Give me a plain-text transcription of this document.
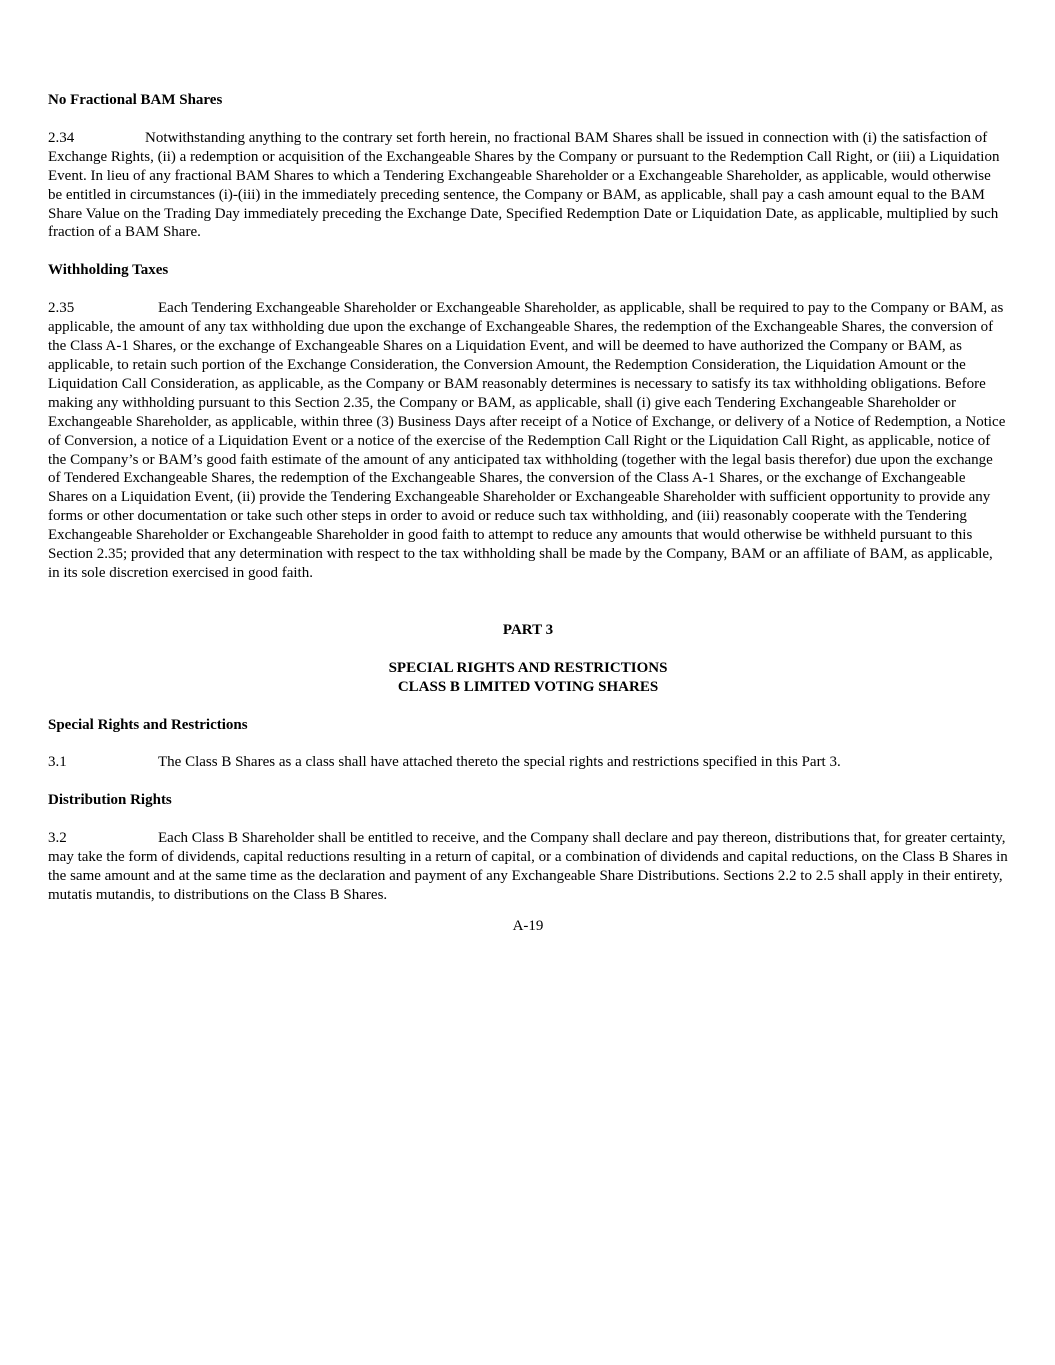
No Fractional BAM Shares

2.34	Notwithstanding anything to the contrary set forth herein, no fractional BAM Shares shall be issued in connection with (i) the satisfaction of Exchange Rights, (ii) a redemption or acquisition of the Exchangeable Shares by the Company or pursuant to the Redemption Call Right, or (iii) a Liquidation Event. In lieu of any fractional BAM Shares to which a Tendering Exchangeable Shareholder or a Exchangeable Shareholder, as applicable, would otherwise be entitled in circumstances (i)-(iii) in the immediately preceding sentence, the Company or BAM, as applicable, shall pay a cash amount equal to the BAM Share Value on the Trading Day immediately preceding the Exchange Date, Specified Redemption Date or Liquidation Date, as applicable, multiplied by such fraction of a BAM Share.

Withholding Taxes

2.35	Each Tendering Exchangeable Shareholder or Exchangeable Shareholder, as applicable, shall be required to pay to the Company or BAM, as applicable, the amount of any tax withholding due upon the exchange of Exchangeable Shares, the redemption of the Exchangeable Shares, the conversion of the Class A-1 Shares, or the exchange of Exchangeable Shares on a Liquidation Event, and will be deemed to have authorized the Company or BAM, as applicable, to retain such portion of the Exchange Consideration, the Conversion Amount, the Redemption Consideration, the Liquidation Amount or the Liquidation Call Consideration, as applicable, as the Company or BAM reasonably determines is necessary to satisfy its tax withholding obligations. Before making any withholding pursuant to this Section 2.35, the Company or BAM, as applicable, shall (i) give each Tendering Exchangeable Shareholder or Exchangeable Shareholder, as applicable, within three (3) Business Days after receipt of a Notice of Exchange, or delivery of a Notice of Redemption, a Notice of Conversion, a notice of a Liquidation Event or a notice of the exercise of the Redemption Call Right or the Liquidation Call Right, as applicable, notice of the Company’s or BAM’s good faith estimate of the amount of any anticipated tax withholding (together with the legal basis therefor) due upon the exchange of Tendered Exchangeable Shares, the redemption of the Exchangeable Shares, the conversion of the Class A-1 Shares, or the exchange of Exchangeable Shares on a Liquidation Event, (ii) provide the Tendering Exchangeable Shareholder or Exchangeable Shareholder with sufficient opportunity to provide any forms or other documentation or take such other steps in order to avoid or reduce such tax withholding, and (iii) reasonably cooperate with the Tendering Exchangeable Shareholder or Exchangeable Shareholder in good faith to attempt to reduce any amounts that would otherwise be withheld pursuant to this Section 2.35; provided that any determination with respect to the tax withholding shall be made by the Company, BAM or an affiliate of BAM, as applicable, in its sole discretion exercised in good faith.

PART 3

SPECIAL RIGHTS AND RESTRICTIONS

CLASS B LIMITED VOTING SHARES

Special Rights and Restrictions

3.1	The Class B Shares as a class shall have attached thereto the special rights and restrictions specified in this Part 3.

Distribution Rights

3.2	Each Class B Shareholder shall be entitled to receive, and the Company shall declare and pay thereon, distributions that, for greater certainty, may take the form of dividends, capital reductions resulting in a return of capital, or a combination of dividends and capital reductions, on the Class B Shares in the same amount and at the same time as the declaration and payment of any Exchangeable Share Distributions. Sections 2.2 to 2.5 shall apply in their entirety, mutatis mutandis, to distributions on the Class B Shares.

A-19
